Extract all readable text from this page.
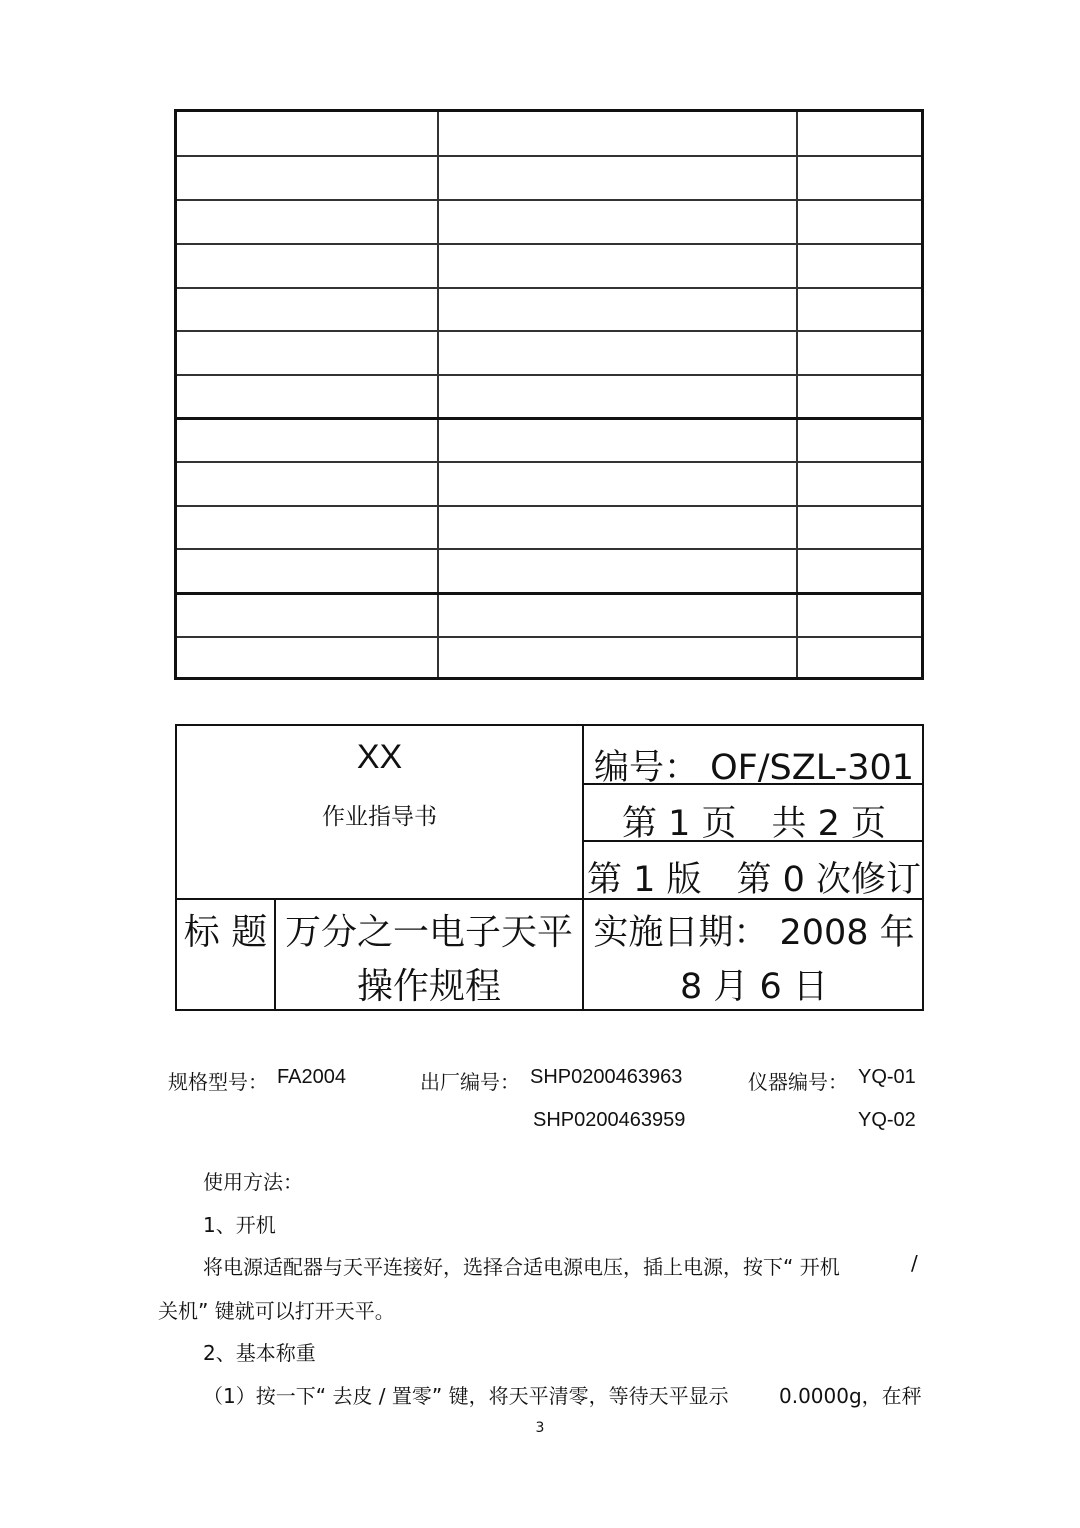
XX
作业指导书
编号： OF/SZL-301
第 1 页　共 2 页
第 1 版　第 0 次修订
标 题 万分之一电子天平操作规程
实施日期： 2008 年 8 月 6 日
规格型号： FA2004	出厂编号： SHP0200463963	仪器编号： YQ-01
SHP0200463959	YQ-02
使用方法：
1、开机
将电源适配器与天平连接好，选择合适电源电压，插上电源，按下“ 开机	/
关机” 键就可以打开天平。
2、基本称重
（1）按一下“ 去皮 / 置零” 键，将天平清零，等待天平显示	0.0000g，在秤
3
